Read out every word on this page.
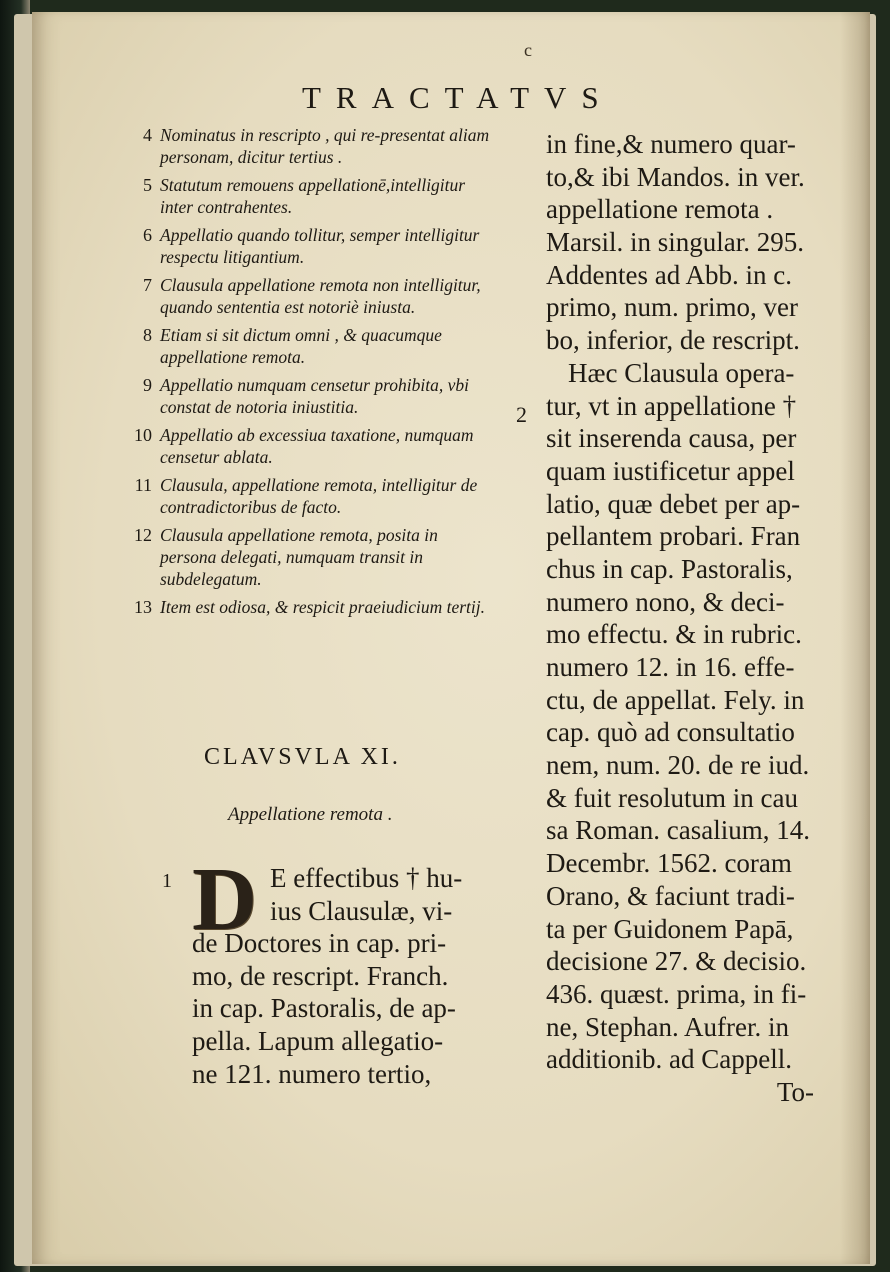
c
TRACTATVS
4 Nominatus in rescripto , qui re-presentat aliam personam, dicitur tertius .
5 Statutum remouens appellationē,intelligitur inter contrahentes.
6 Appellatio quando tollitur, semper intelligitur respectu litigantium.
7 Clausula appellatione remota non intelligitur, quando sententia est notoriè iniusta.
8 Etiam si sit dictum omni , & quacumque appellatione remota.
9 Appellatio numquam censetur prohibita, vbi constat de notoria iniustitia.
10 Appellatio ab excessiua taxatione, numquam censetur ablata.
11 Clausula, appellatione remota, intelligitur de contradictoribus de facto.
12 Clausula appellatione remota, posita in persona delegati, numquam transit in subdelegatum.
13 Item est odiosa, & respicit praeiudicium tertij.
CLAVSVLA XI.
Appellatione remota .
1 D E effectibus † hu-
ius Clausulæ, vi-
de Doctores in cap. pri-
mo, de rescript. Franch.
in cap. Pastoralis, de ap-
pella. Lapum allegatio-
ne 121. numero tertio,
2
in fine,& numero quar-
to,& ibi Mandos. in ver.
appellatione remota .
Marsil. in singular. 295.
Addentes ad Abb. in c.
primo, num. primo, ver
bo, inferior, de rescript.
Hæc Clausula opera-
tur, vt in appellatione †
sit inserenda causa, per
quam iustificetur appel
latio, quæ debet per ap-
pellantem probari. Fran
chus in cap. Pastoralis,
numero nono, & deci-
mo effectu. & in rubric.
numero 12. in 16. effe-
ctu, de appellat. Fely. in
cap. quò ad consultatio
nem, num. 20. de re iud.
& fuit resolutum in cau
sa Roman. casalium, 14.
Decembr. 1562. coram
Orano, & faciunt tradi-
ta per Guidonem Papā,
decisione 27. & decisio.
436. quæst. prima, in fi-
ne, Stephan. Aufrer. in
additionib. ad Cappell.
To-
